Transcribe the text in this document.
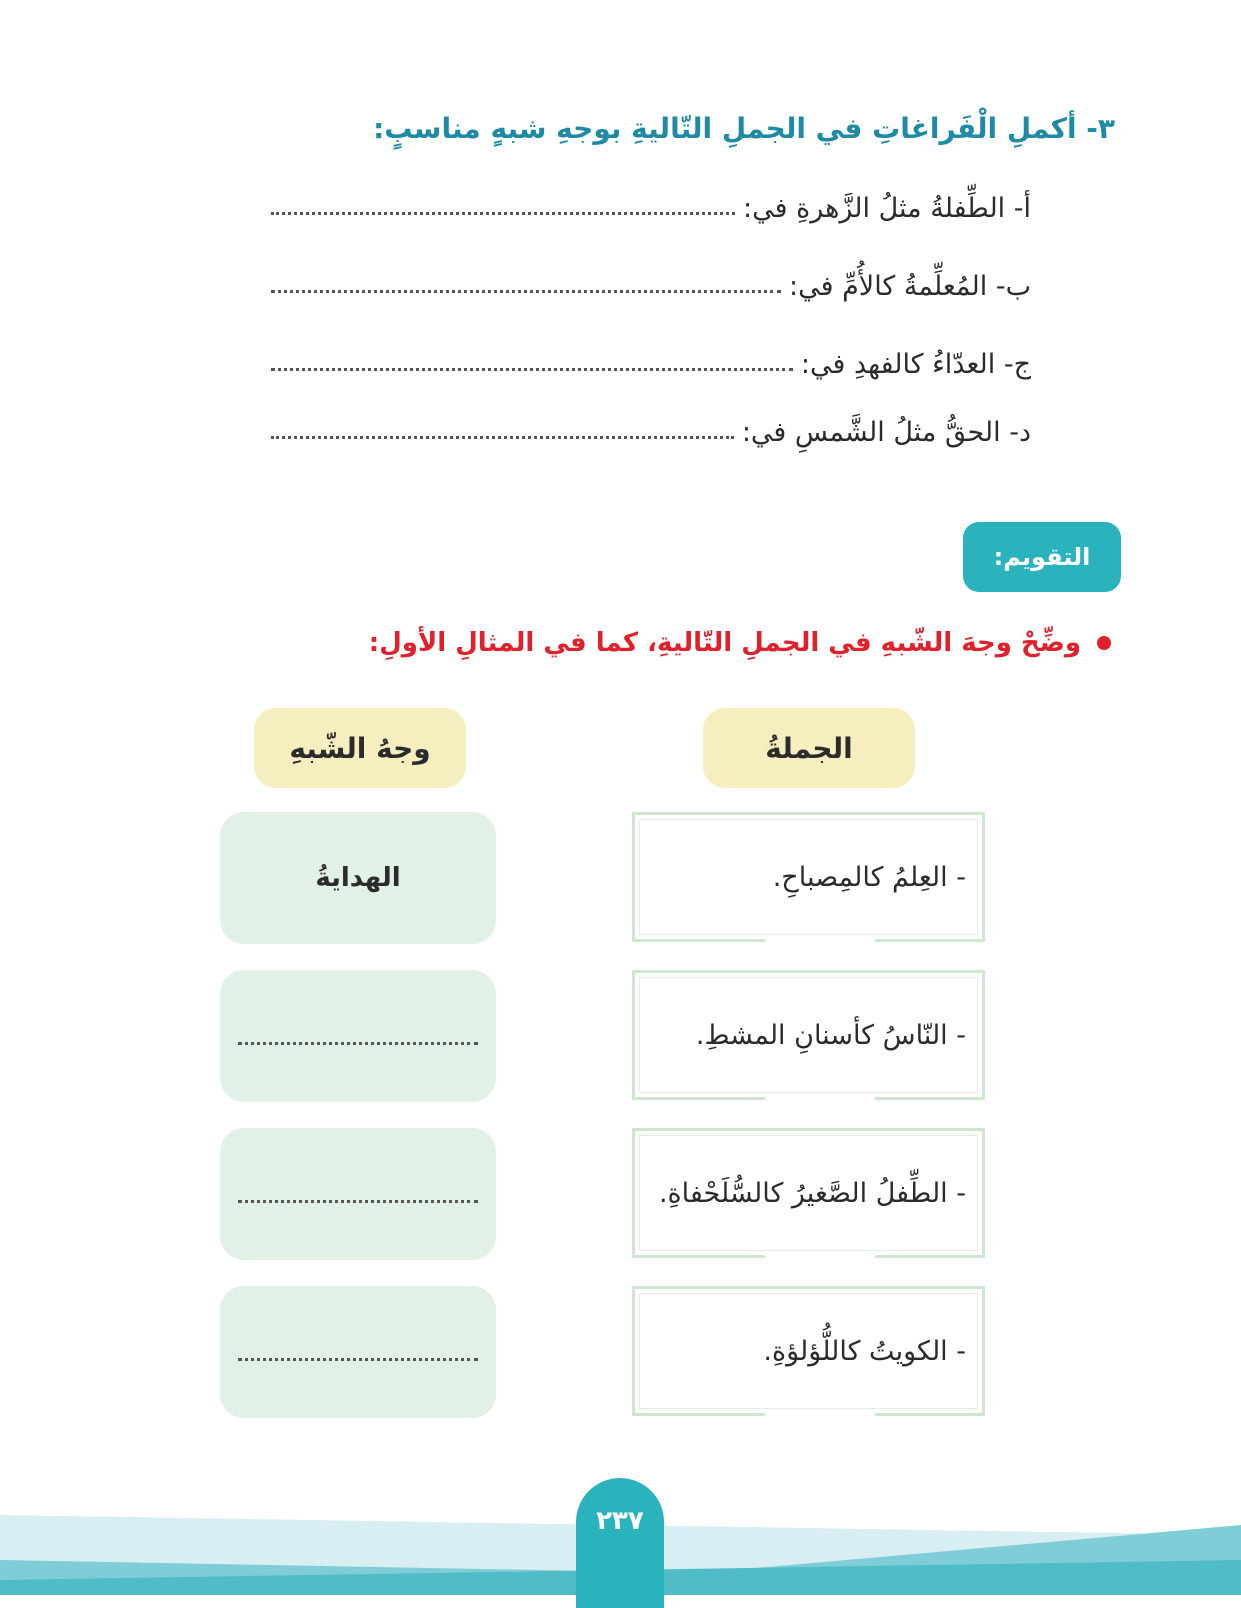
٣- أكملِ الْفَراغاتِ في الجملِ التّاليةِ بوجهِ شبهٍ مناسبٍ:
أ- الطِّفلةُ مثلُ الزَّهرةِ في:
ب- المُعلِّمةُ كالأُمِّ في:
ج- العدّاءُ كالفهدِ في:
د- الحقُّ مثلُ الشَّمسِ في:
التقويم:
وضِّحْ وجهَ الشّبهِ في الجملِ التّاليةِ، كما في المثالِ الأولِ:
الجملةُ
وجهُ الشّبهِ
- العِلمُ كالمِصباحِ.
الهدايةُ
- النّاسُ كأسنانِ المشطِ.
- الطِّفلُ الصَّغيرُ كالسُّلَحْفاةِ.
- الكويتُ كاللُّؤلؤةِ.
٢٣٧
